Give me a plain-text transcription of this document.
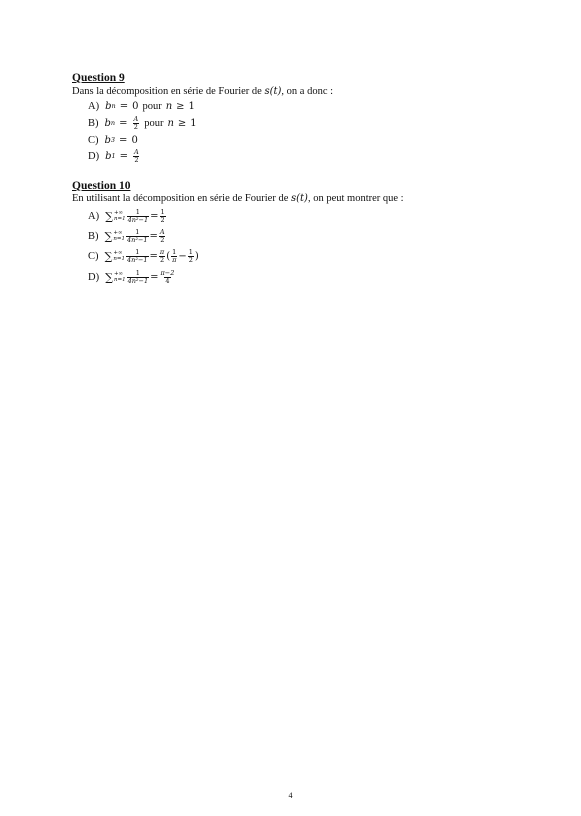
Question 9

Dans la décomposition en série de Fourier de s(t), on a donc :

A) b n = 0 pour n ≥ 1
B) b $n = \frac{A}{2}$ pour n ≥ 1
C) b 3 = 0
D) b $1 = \frac{A}{2}$

Question 10

En utilisant la décomposition en série de Fourier de s(t), on peut montrer que :

A) ∑ +∞
$n=1 \frac{1}{\text{4n²−1}} = \frac{1}{2}$
B) ∑ +∞
$n=1 \frac{1}{\text{4n²−1}} = \frac{A}{2}$
C) ∑ +∞
$n=1 \frac{1}{\text{4n²−1}} = \frac{\pi}{2}$ ( $\frac{1}{\pi} - \frac{1}{2}$ )
D) ∑ +∞
$n=1 \frac{1}{\text{4n²−1}} = \frac{\pi-2}{4}$
4
